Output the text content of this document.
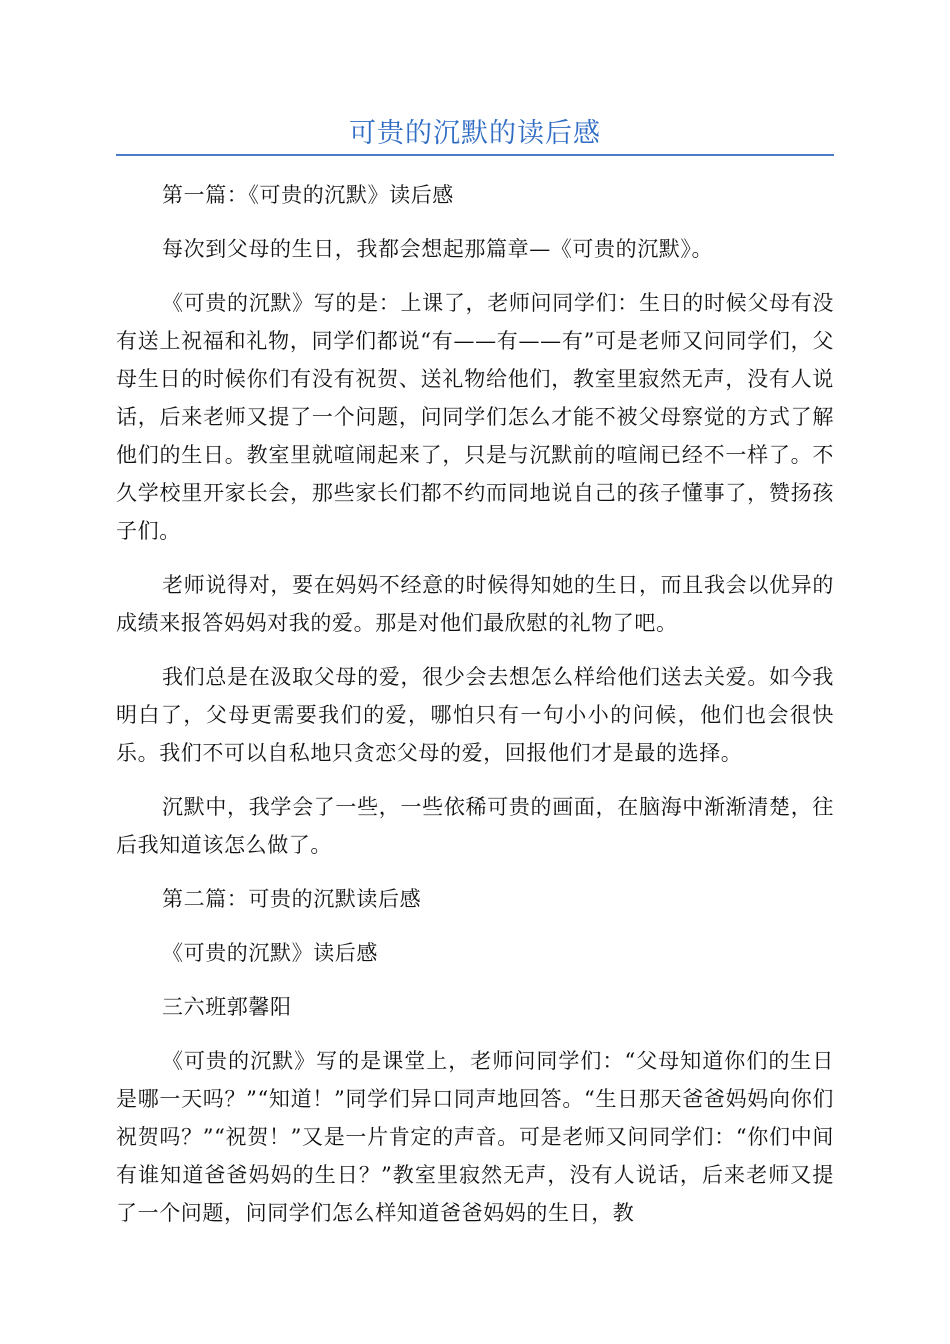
可贵的沉默的读后感

第一篇：《可贵的沉默》读后感

每次到父母的生日，我都会想起那篇章—《可贵的沉默》。

《可贵的沉默》写的是：上课了，老师问同学们：生日的时候父母有没有送上祝福和礼物，同学们都说“有——有——有”可是老师又问同学们，父母生日的时候你们有没有祝贺、送礼物给他们，教室里寂然无声，没有人说话，后来老师又提了一个问题，问同学们怎么才能不被父母察觉的方式了解他们的生日。教室里就喧闹起来了，只是与沉默前的喧闹已经不一样了。不久学校里开家长会，那些家长们都不约而同地说自己的孩子懂事了，赞扬孩子们。

老师说得对，要在妈妈不经意的时候得知她的生日，而且我会以优异的成绩来报答妈妈对我的爱。那是对他们最欣慰的礼物了吧。

我们总是在汲取父母的爱，很少会去想怎么样给他们送去关爱。如今我明白了，父母更需要我们的爱，哪怕只有一句小小的问候，他们也会很快乐。我们不可以自私地只贪恋父母的爱，回报他们才是最的选择。

沉默中，我学会了一些，一些依稀可贵的画面，在脑海中渐渐清楚，往后我知道该怎么做了。

第二篇：可贵的沉默读后感

《可贵的沉默》读后感

三六班郭馨阳

《可贵的沉默》写的是课堂上，老师问同学们：“父母知道你们的生日是哪一天吗？”“知道！”同学们异口同声地回答。“生日那天爸爸妈妈向你们祝贺吗？”“祝贺！”又是一片肯定的声音。可是老师又问同学们：“你们中间有谁知道爸爸妈妈的生日？”教室里寂然无声，没有人说话，后来老师又提了一个问题，问同学们怎么样知道爸爸妈妈的生日，教
